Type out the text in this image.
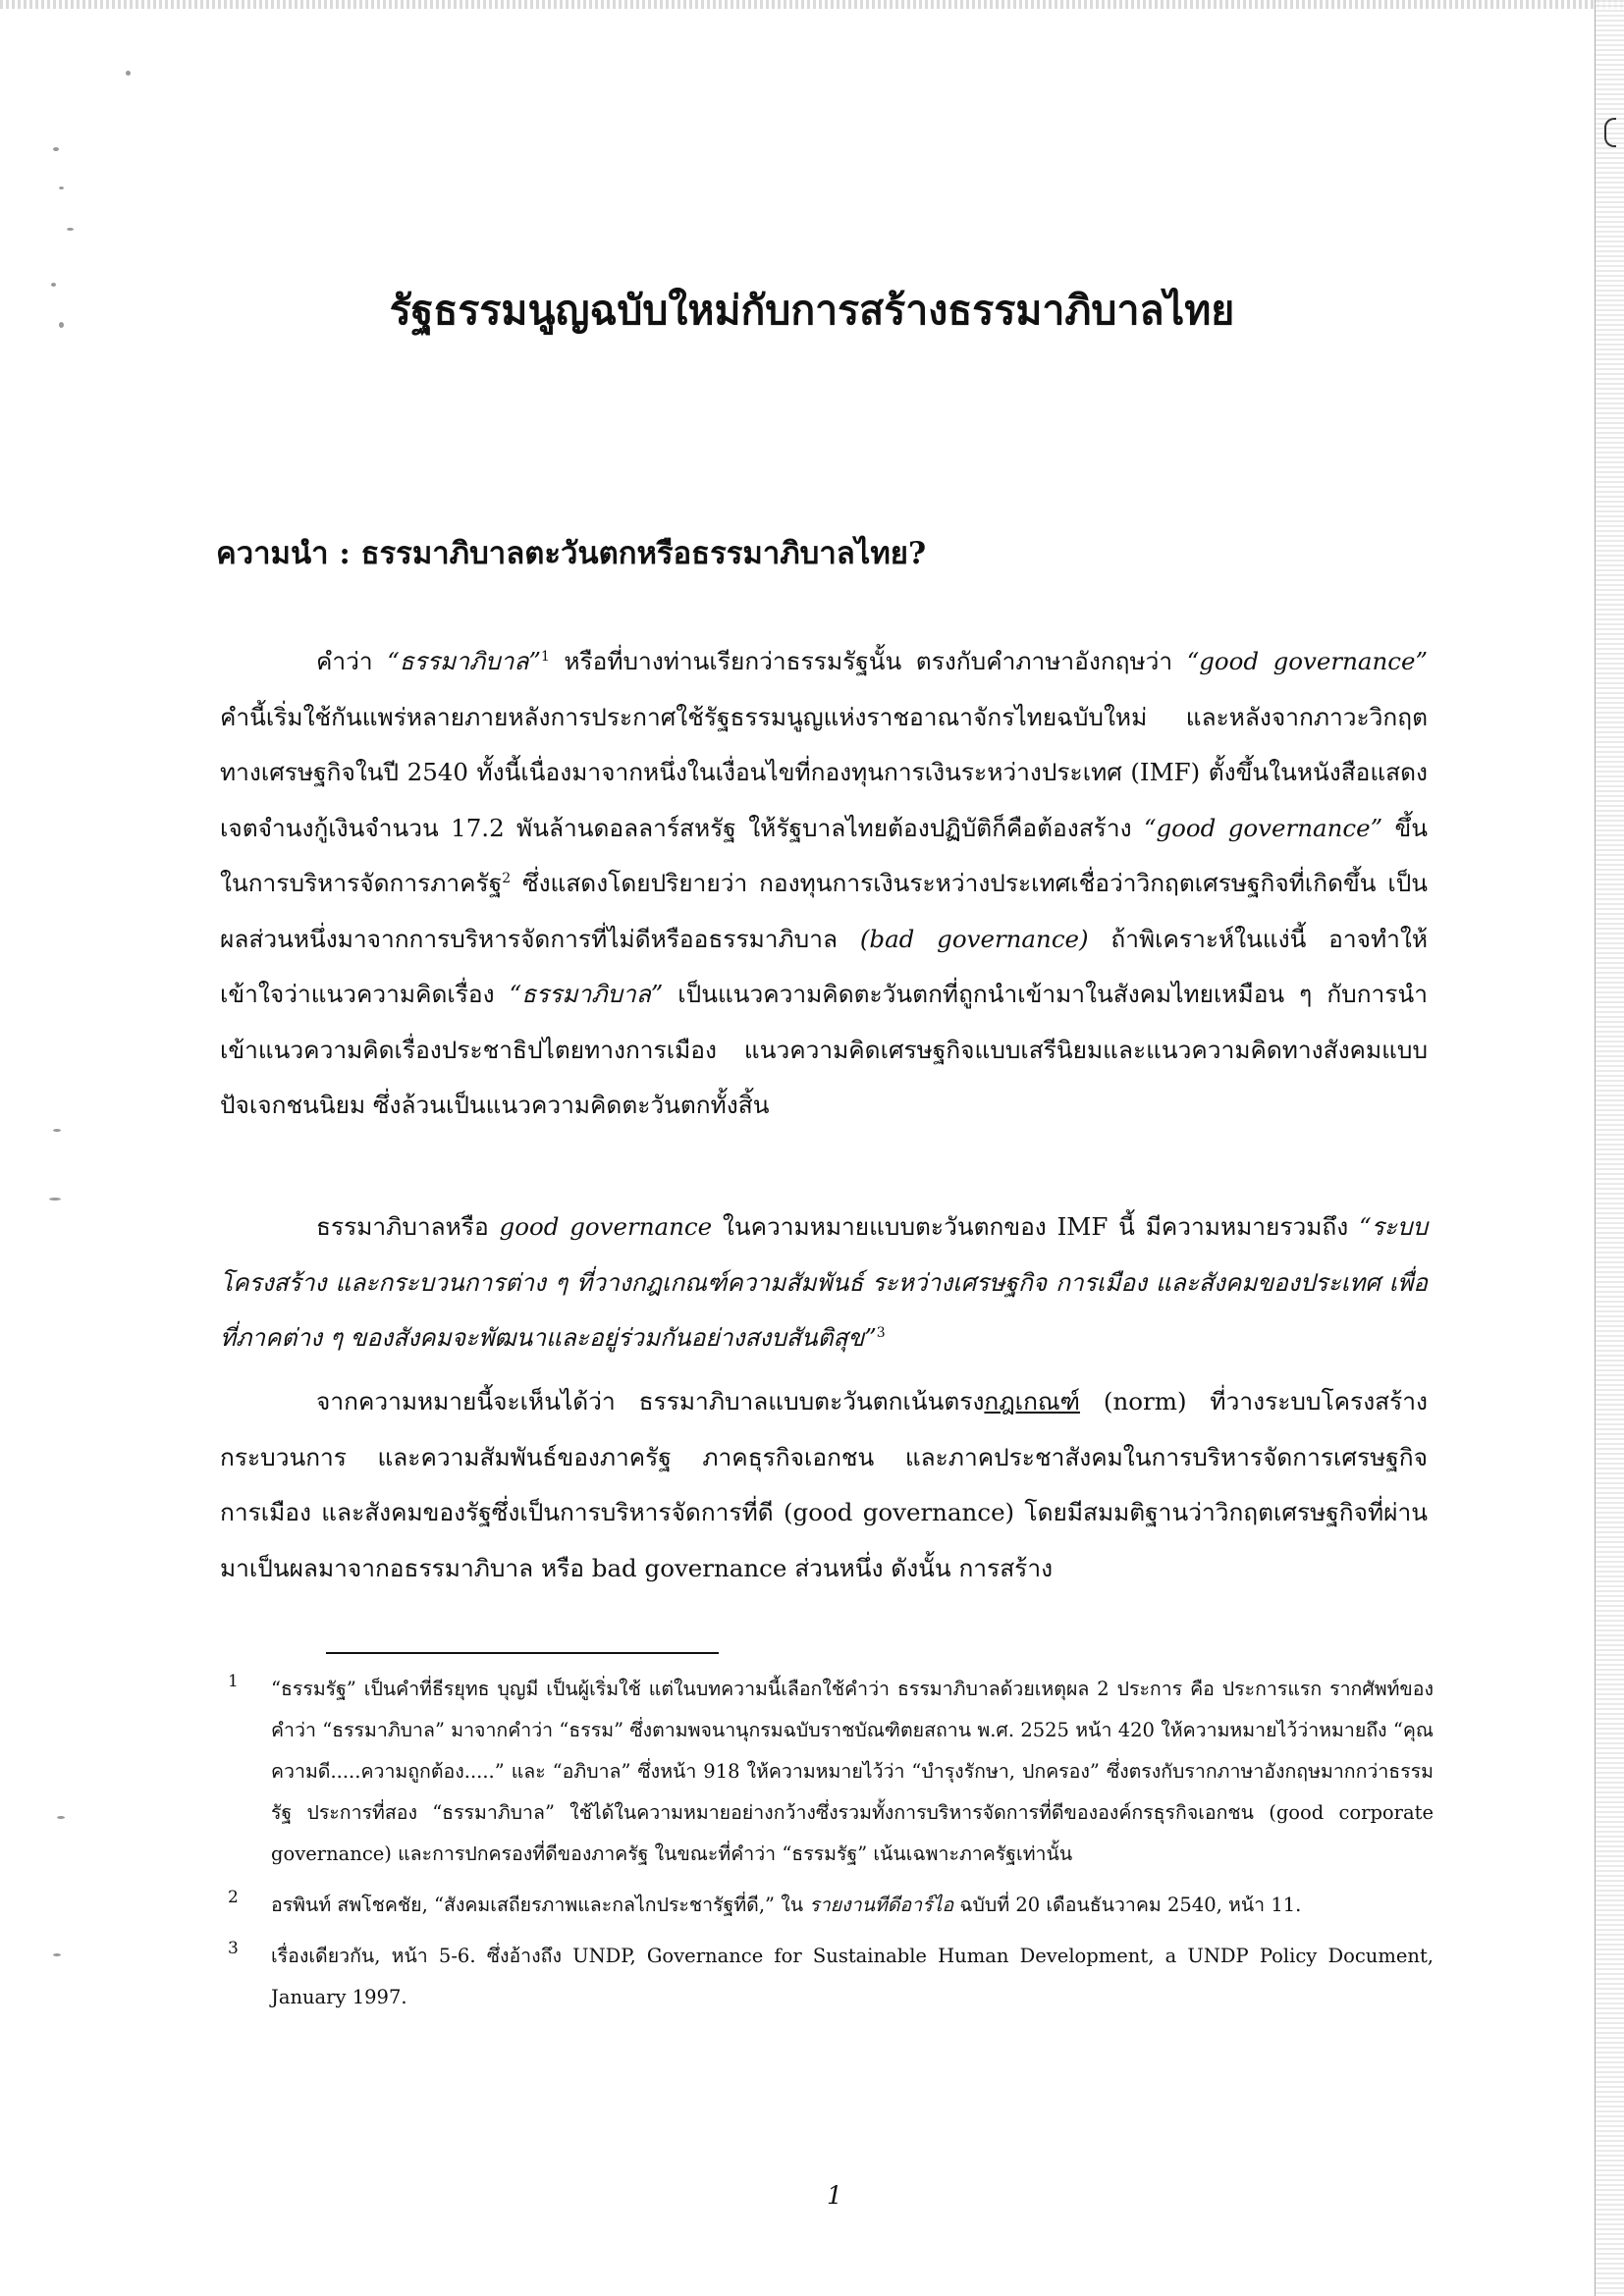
รัฐธรรมนูญฉบับใหม่กับการสร้างธรรมาภิบาลไทย
ความนำ : ธรรมาภิบาลตะวันตกหรือธรรมาภิบาลไทย?

คำว่า “ธรรมาภิบาล”$^1$ หรือที่บางท่านเรียกว่าธรรมรัฐนั้น ตรงกับคำภาษาอังกฤษว่า “good governance” คำนี้เริ่มใช้กันแพร่หลายภายหลังการประกาศใช้รัฐธรรมนูญแห่งราชอาณาจักรไทยฉบับใหม่ และหลังจากภาวะวิกฤตทางเศรษฐกิจในปี 2540 ทั้งนี้เนื่องมาจากหนึ่งในเงื่อนไขที่กองทุนการเงินระหว่างประเทศ (IMF) ตั้งขึ้นในหนังสือแสดงเจตจำนงกู้เงินจำนวน 17.2 พันล้านดอลลาร์สหรัฐ ให้รัฐบาลไทยต้องปฏิบัติก็คือต้องสร้าง “good governance” ขึ้นในการบริหารจัดการภาครัฐ$^2$ ซึ่งแสดงโดยปริยายว่า กองทุนการเงินระหว่างประเทศเชื่อว่าวิกฤตเศรษฐกิจที่เกิดขึ้น เป็นผลส่วนหนึ่งมาจากการบริหารจัดการที่ไม่ดีหรืออธรรมาภิบาล (bad governance) ถ้าพิเคราะห์ในแง่นี้ อาจทำให้เข้าใจว่าแนวความคิดเรื่อง “ธรรมาภิบาล” เป็นแนวความคิดตะวันตกที่ถูกนำเข้ามาในสังคมไทยเหมือน ๆ กับการนำเข้าแนวความคิดเรื่องประชาธิปไตยทางการเมือง แนวความคิดเศรษฐกิจแบบเสรีนิยมและแนวความคิดทางสังคมแบบปัจเจกชนนิยม ซึ่งล้วนเป็นแนวความคิดตะวันตกทั้งสิ้น

ธรรมาภิบาลหรือ good governance ในความหมายแบบตะวันตกของ IMF นี้ มีความหมายรวมถึง “ระบบ โครงสร้าง และกระบวนการต่าง ๆ ที่วางกฎเกณฑ์ความสัมพันธ์ ระหว่างเศรษฐกิจ การเมือง และสังคมของประเทศ เพื่อที่ภาคต่าง ๆ ของสังคมจะพัฒนาและอยู่ร่วมกันอย่างสงบสันติสุข”$^3$

จากความหมายนี้จะเห็นได้ว่า ธรรมาภิบาลแบบตะวันตกเน้นตรงกฎเกณฑ์ (norm) ที่วางระบบโครงสร้าง กระบวนการ และความสัมพันธ์ของภาครัฐ ภาคธุรกิจเอกชน และภาคประชาสังคมในการบริหารจัดการเศรษฐกิจ การเมือง และสังคมของรัฐซึ่งเป็นการบริหารจัดการที่ดี (good governance) โดยมีสมมติฐานว่าวิกฤตเศรษฐกิจที่ผ่านมาเป็นผลมาจากอธรรมาภิบาล หรือ bad governance ส่วนหนึ่ง ดังนั้น การสร้าง

1 “ธรรมรัฐ” เป็นคำที่ธีรยุทธ บุญมี เป็นผู้เริ่มใช้ แต่ในบทความนี้เลือกใช้คำว่า ธรรมาภิบาลด้วยเหตุผล 2 ประการ คือ ประการแรก รากศัพท์ของคำว่า “ธรรมาภิบาล” มาจากคำว่า “ธรรม” ซึ่งตามพจนานุกรมฉบับราชบัณฑิตยสถาน พ.ศ. 2525 หน้า 420 ให้ความหมายไว้ว่าหมายถึง “คุณความดี.....ความถูกต้อง.....” และ “อภิบาล” ซึ่งหน้า 918 ให้ความหมายไว้ว่า “บำรุงรักษา, ปกครอง” ซึ่งตรงกับรากภาษาอังกฤษมากกว่าธรรมรัฐ ประการที่สอง “ธรรมาภิบาล” ใช้ได้ในความหมายอย่างกว้างซึ่งรวมทั้งการบริหารจัดการที่ดีขององค์กรธุรกิจเอกชน (good corporate governance) และการปกครองที่ดีของภาครัฐ ในขณะที่คำว่า “ธรรมรัฐ” เน้นเฉพาะภาครัฐเท่านั้น
2 อรพินท์ สพโชคชัย, “สังคมเสถียรภาพและกลไกประชารัฐที่ดี,” ใน รายงานทีดีอาร์ไอ ฉบับที่ 20 เดือนธันวาคม 2540, หน้า 11.
3 เรื่องเดียวกัน, หน้า 5-6. ซึ่งอ้างถึง UNDP, Governance for Sustainable Human Development, a UNDP Policy Document, January 1997.
1
